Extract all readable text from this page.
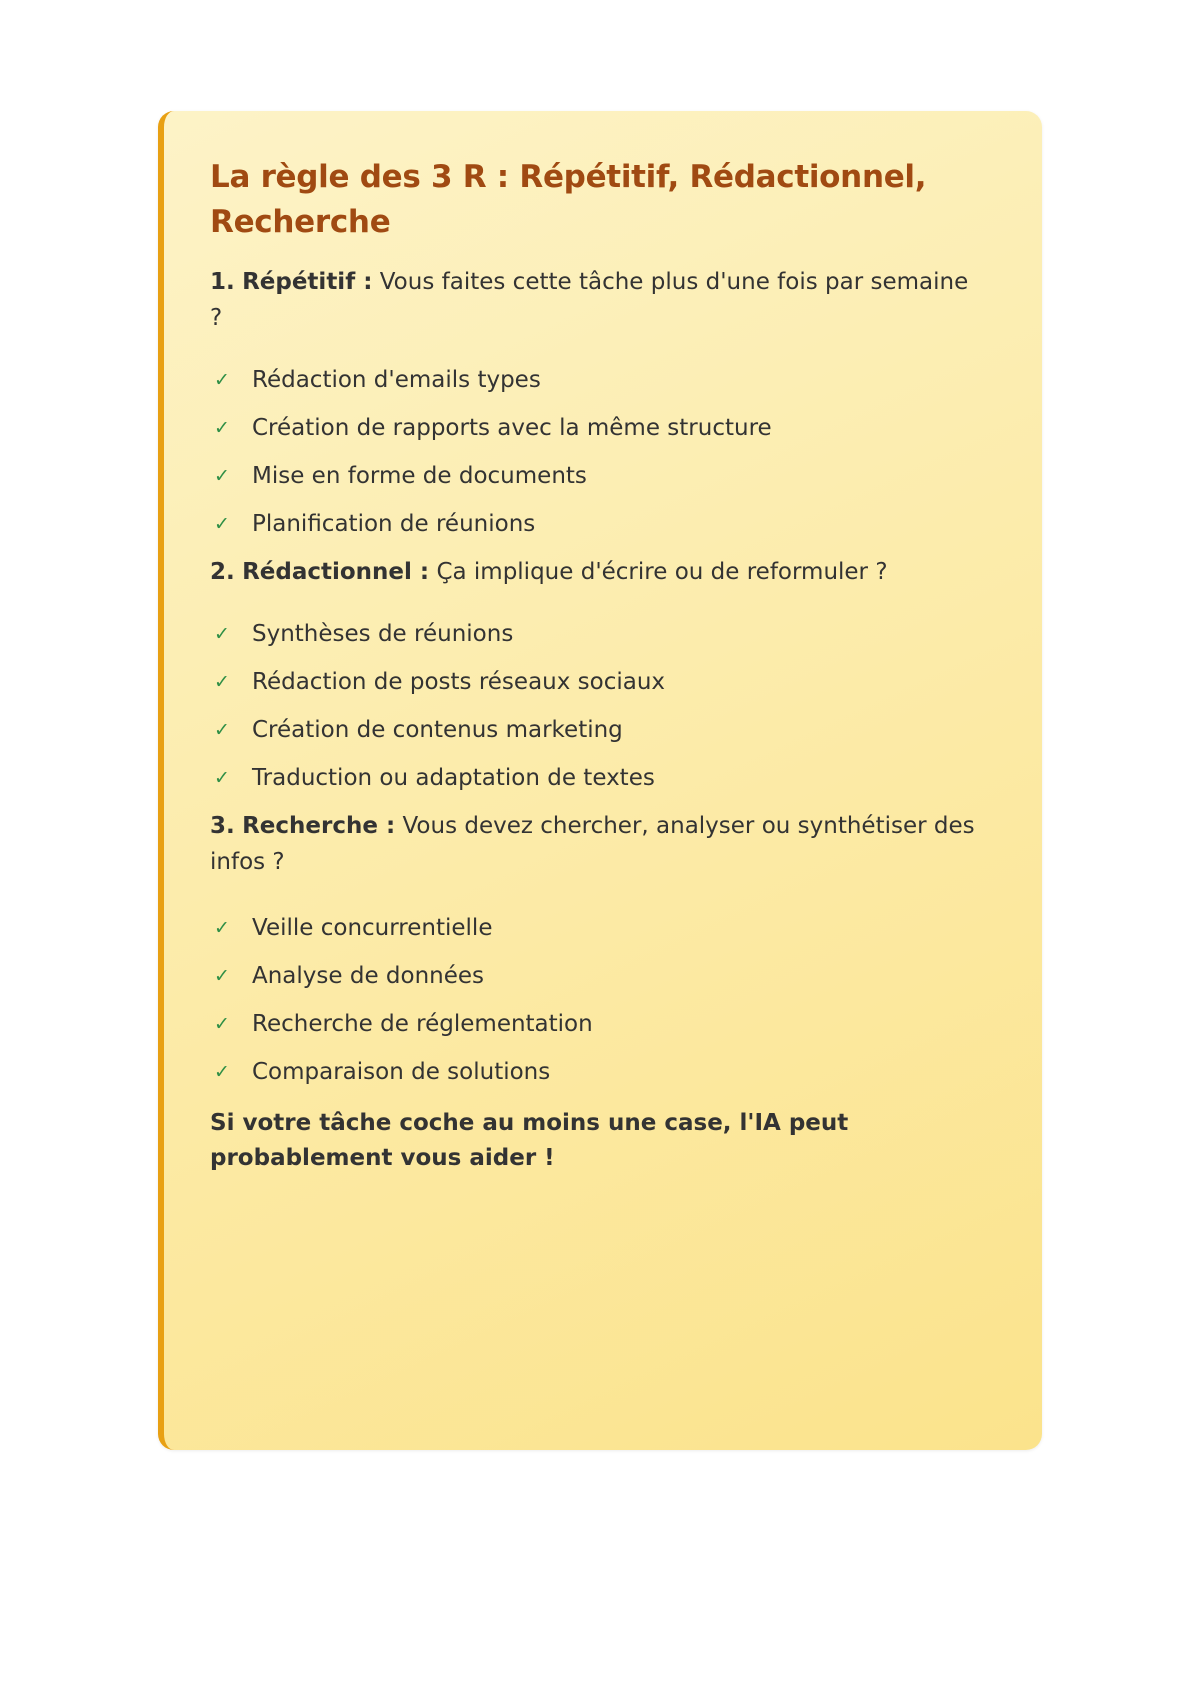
La règle des 3 R : Répétitif, Rédactionnel, Recherche

1. Répétitif : Vous faites cette tâche plus d'une fois par semaine ?

✓ Rédaction d'emails types
✓ Création de rapports avec la même structure
✓ Mise en forme de documents
✓ Planification de réunions

2. Rédactionnel : Ça implique d'écrire ou de reformuler ?

✓ Synthèses de réunions
✓ Rédaction de posts réseaux sociaux
✓ Création de contenus marketing
✓ Traduction ou adaptation de textes

3. Recherche : Vous devez chercher, analyser ou synthétiser des infos ?

✓ Veille concurrentielle
✓ Analyse de données
✓ Recherche de réglementation
✓ Comparaison de solutions

Si votre tâche coche au moins une case, l'IA peut probablement vous aider !
